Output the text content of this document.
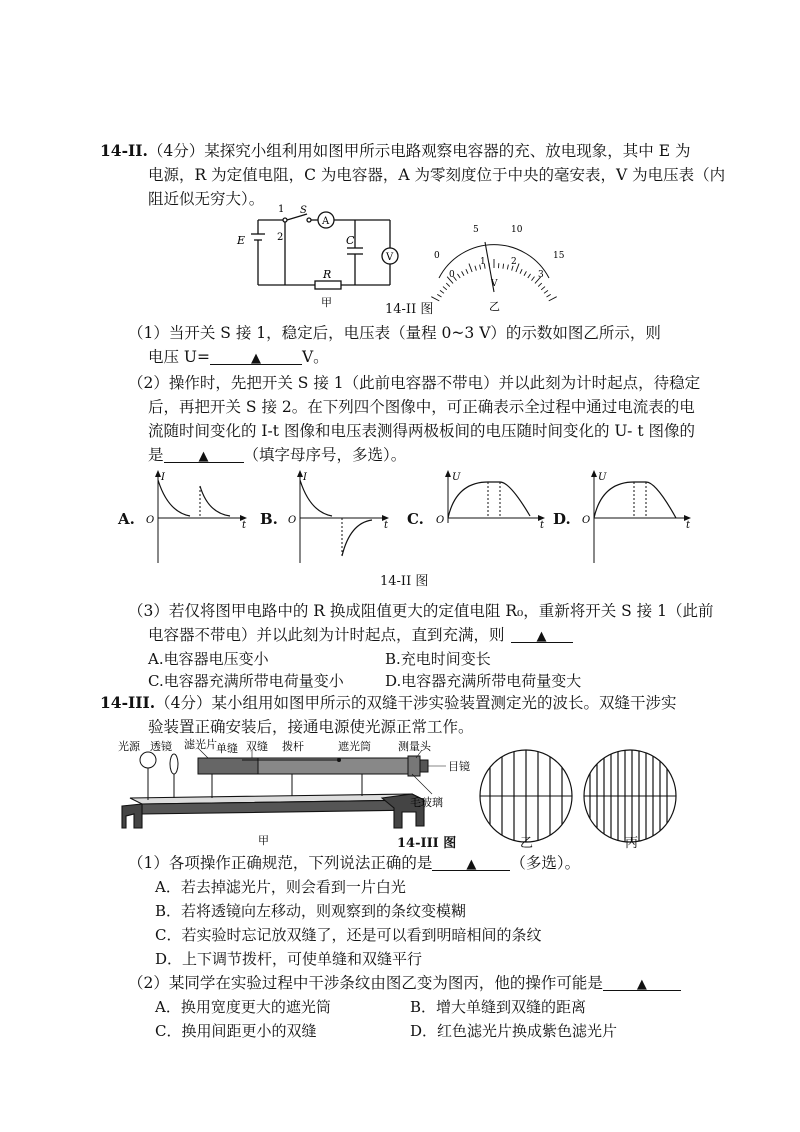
14-II.（4分）某探究小组利用如图甲所示电路观察电容器的充、放电现象，其中 E 为
电源，R 为定值电阻，C 为电容器，A 为零刻度位于中央的毫安表，V 为电压表（内
阻近似无穷大）。
E
1
2
S
A
C
V
R
甲
0
5	10
15
0
1	2
3
V
乙
14-II 图
（1）当开关 S 接 1，稳定后，电压表（量程 0~3 V）的示数如图乙所示，则
电压 U=	▲	V。
（2）操作时，先把开关 S 接 1（此前电容器不带电）并以此刻为计时起点，待稳定
后，再把开关 S 接 2。在下列四个图像中，可正确表示全过程中通过电流表的电
流随时间变化的 I-t 图像和电压表测得两极板间的电压随时间变化的 U- t 图像的
是	▲ （填字母序号，多选）。
A.
I
O	t B.
I
O	t C.
U
O	t D.
U
O	t
14-II 图
（3）若仅将图甲电路中的 R 换成阻值更大的定值电阻 R₀，重新将开关 S 接 1（此前
电容器不带电）并以此刻为计时起点，直到充满，则 ▲
A.电容器电压变小	B.充电时间变长
C.电容器充满所带电荷量变小	D.电容器充满所带电荷量变大
14-III.（4分）某小组用如图甲所示的双缝干涉实验装置测定光的波长。双缝干涉实
验装置正确安装后，接通电源使光源正常工作。
光源 透镜 滤光片 单缝 双缝 拨杆	遮光筒 测量头
目镜
毛玻璃
甲	14-III 图	乙	丙
（1）各项操作正确规范，下列说法正确的是	▲ （多选）。
A．若去掉滤光片，则会看到一片白光
B．若将透镜向左移动，则观察到的条纹变模糊
C．若实验时忘记放双缝了，还是可以看到明暗相间的条纹
D．上下调节拨杆，可使单缝和双缝平行
（2）某同学在实验过程中干涉条纹由图乙变为图丙，他的操作可能是	▲
A．换用宽度更大的遮光筒	B．增大单缝到双缝的距离
C．换用间距更小的双缝	D．红色滤光片换成紫色滤光片
